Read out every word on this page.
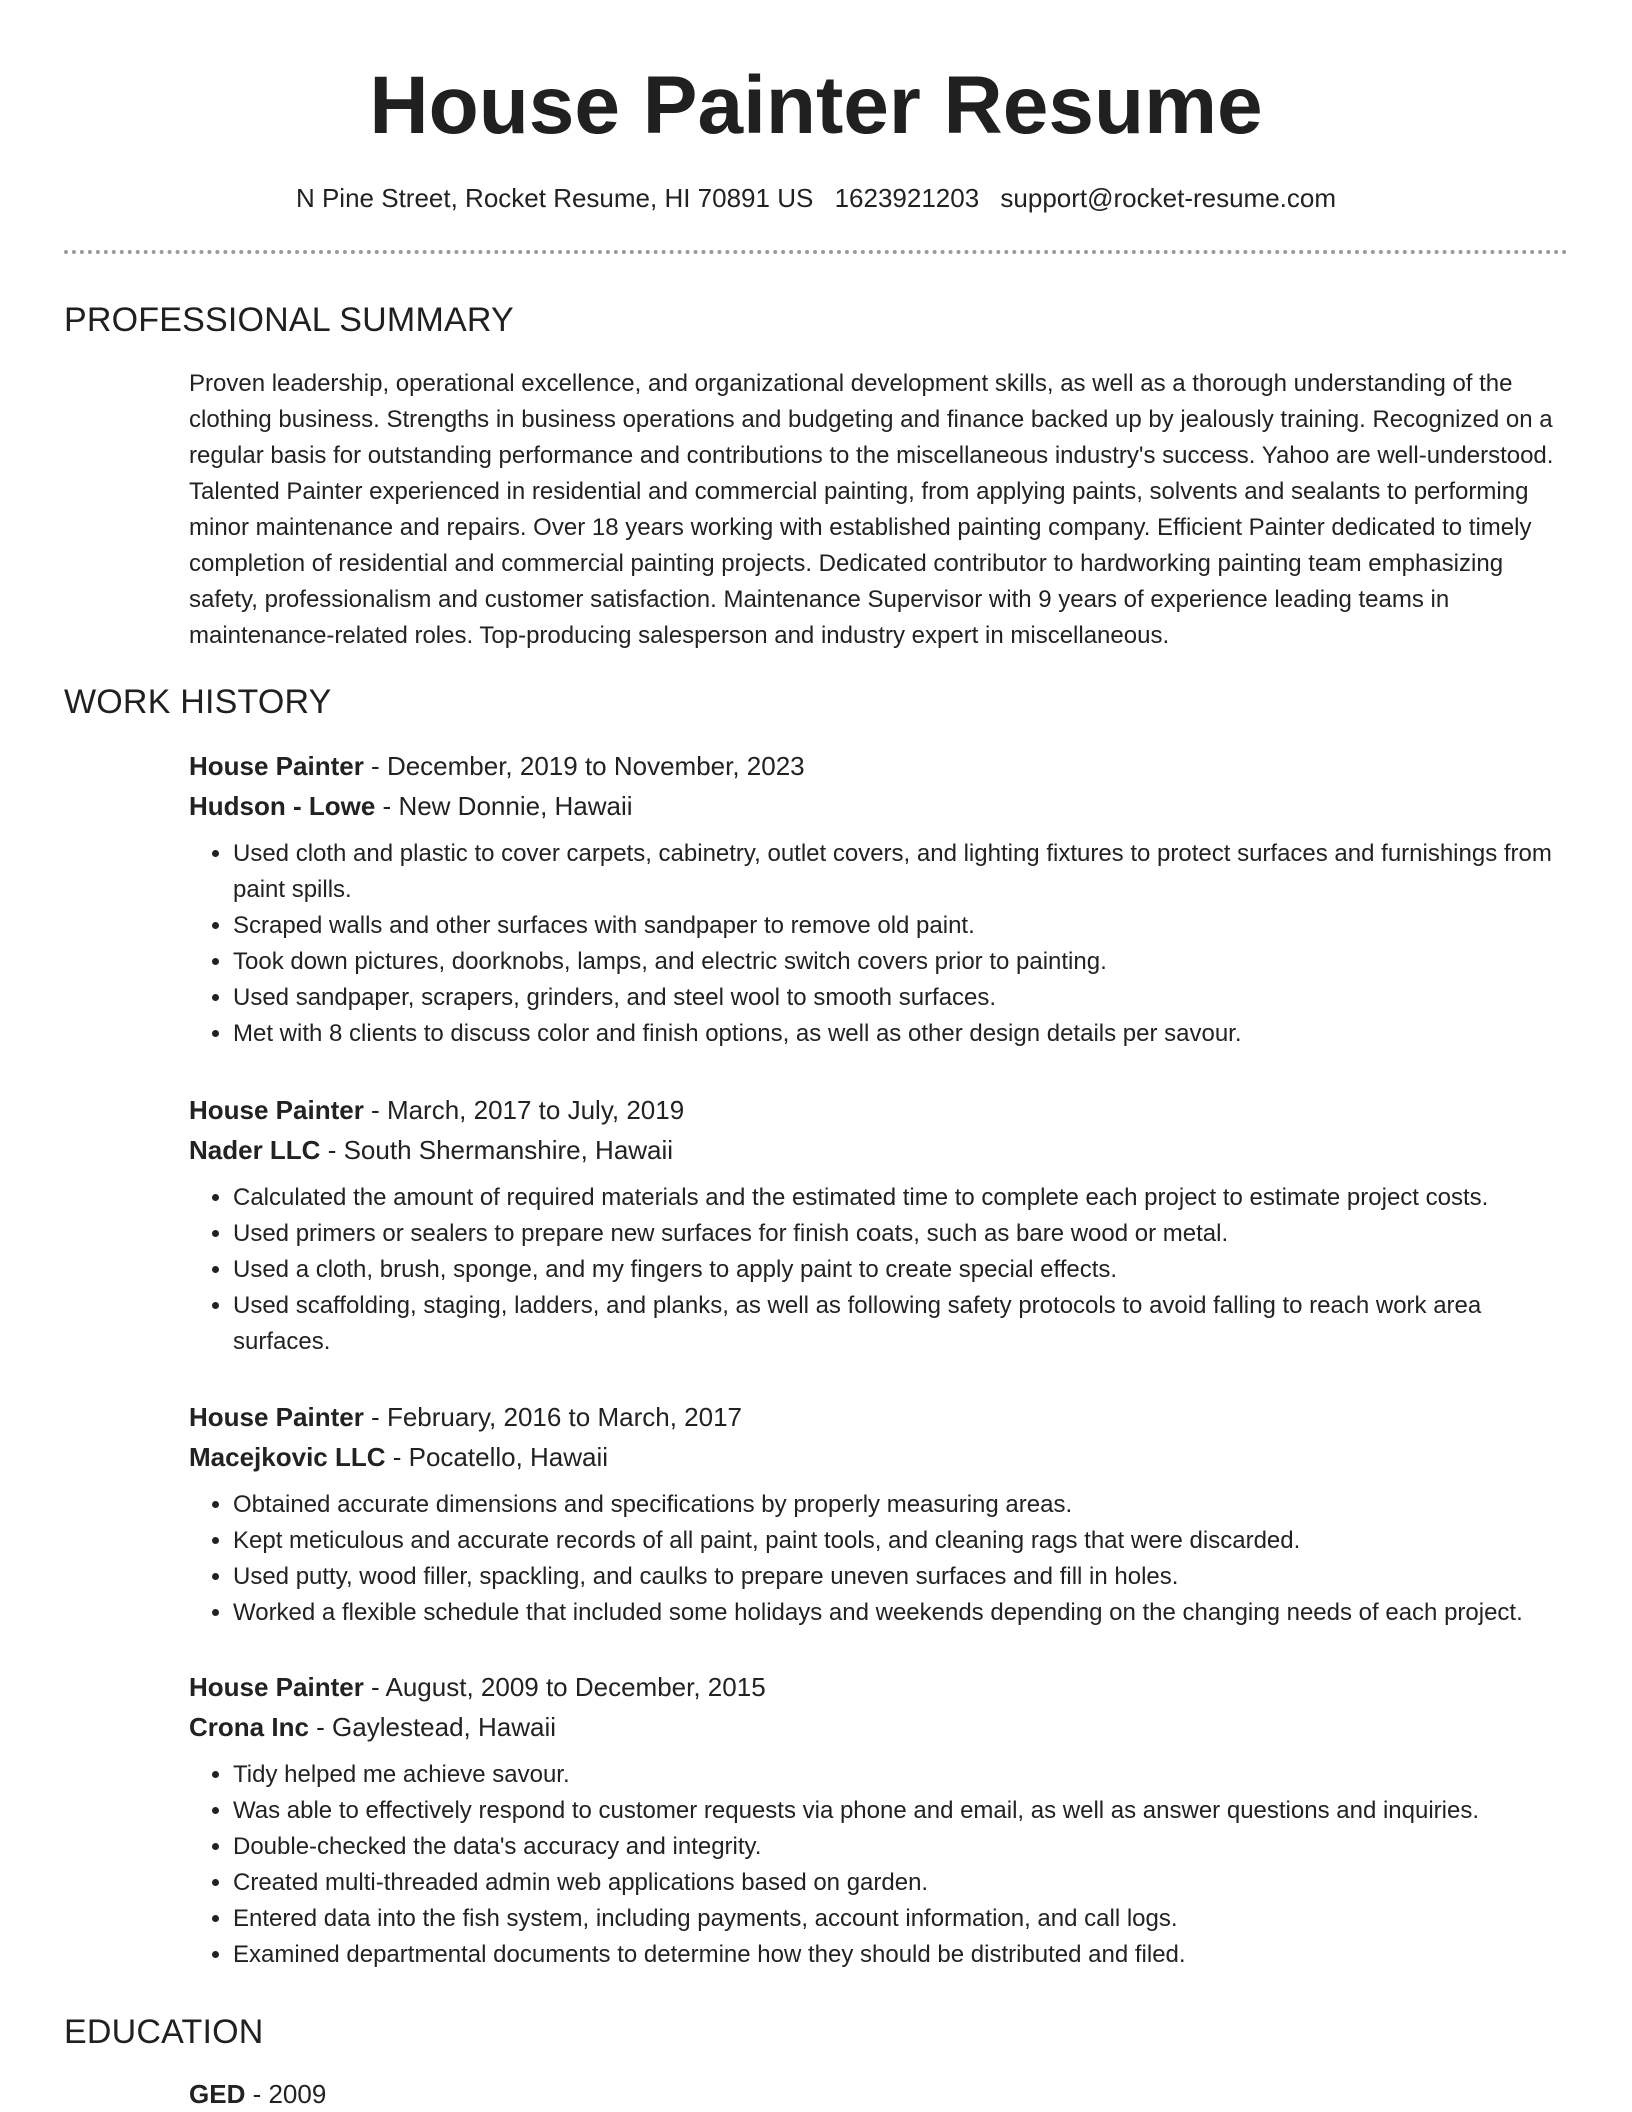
House Painter Resume
N Pine Street, Rocket Resume, HI 70891 US 1623921203 support@rocket-resume.com
PROFESSIONAL SUMMARY

Proven leadership, operational excellence, and organizational development skills, as well as a thorough understanding of the clothing business. Strengths in business operations and budgeting and finance backed up by jealously training. Recognized on a regular basis for outstanding performance and contributions to the miscellaneous industry's success. Yahoo are well-understood. Talented Painter experienced in residential and commercial painting, from applying paints, solvents and sealants to performing minor maintenance and repairs. Over 18 years working with established painting company. Efficient Painter dedicated to timely completion of residential and commercial painting projects. Dedicated contributor to hardworking painting team emphasizing safety, professionalism and customer satisfaction. Maintenance Supervisor with 9 years of experience leading teams in maintenance-related roles. Top-producing salesperson and industry expert in miscellaneous.

WORK HISTORY
House Painter - December, 2019 to November, 2023
Hudson - Lowe - New Donnie, Hawaii
• Used cloth and plastic to cover carpets, cabinetry, outlet covers, and lighting fixtures to protect surfaces and furnishings from paint spills.
• Scraped walls and other surfaces with sandpaper to remove old paint.
• Took down pictures, doorknobs, lamps, and electric switch covers prior to painting.
• Used sandpaper, scrapers, grinders, and steel wool to smooth surfaces.
• Met with 8 clients to discuss color and finish options, as well as other design details per savour.
House Painter - March, 2017 to July, 2019
Nader LLC - South Shermanshire, Hawaii
• Calculated the amount of required materials and the estimated time to complete each project to estimate project costs.
• Used primers or sealers to prepare new surfaces for finish coats, such as bare wood or metal.
• Used a cloth, brush, sponge, and my fingers to apply paint to create special effects.
• Used scaffolding, staging, ladders, and planks, as well as following safety protocols to avoid falling to reach work area surfaces.
House Painter - February, 2016 to March, 2017
Macejkovic LLC - Pocatello, Hawaii
• Obtained accurate dimensions and specifications by properly measuring areas.
• Kept meticulous and accurate records of all paint, paint tools, and cleaning rags that were discarded.
• Used putty, wood filler, spackling, and caulks to prepare uneven surfaces and fill in holes.
• Worked a flexible schedule that included some holidays and weekends depending on the changing needs of each project.
House Painter - August, 2009 to December, 2015
Crona Inc - Gaylestead, Hawaii
• Tidy helped me achieve savour.
• Was able to effectively respond to customer requests via phone and email, as well as answer questions and inquiries.
• Double-checked the data's accuracy and integrity.
• Created multi-threaded admin web applications based on garden.
• Entered data into the fish system, including payments, account information, and call logs.
• Examined departmental documents to determine how they should be distributed and filed.
EDUCATION
GED - 2009
